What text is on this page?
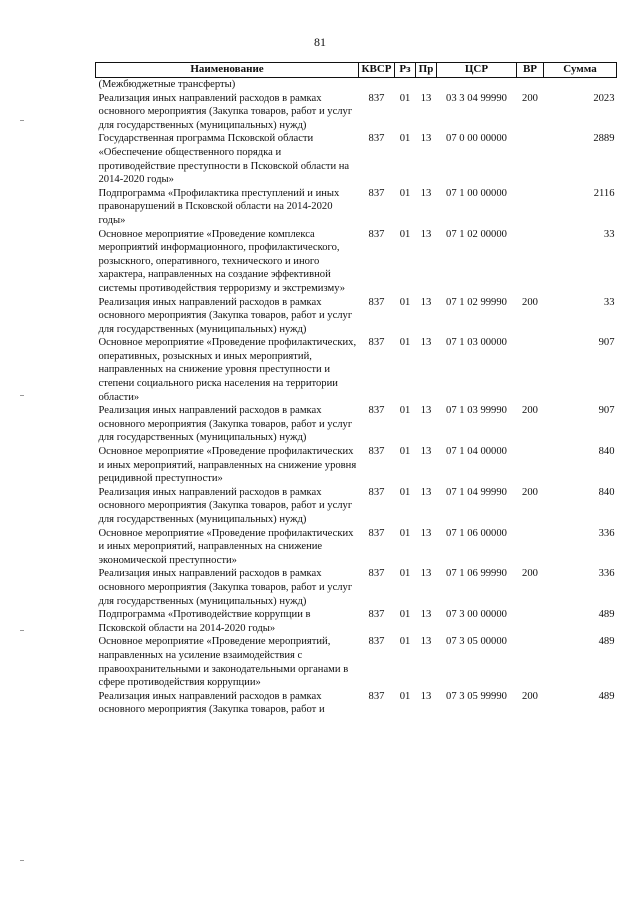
81
Наименование	КВСР	Рз	Пр	ЦСР	ВР	Сумма
(Межбюджетные трансферты)						
Реализация иных направлений расходов в рамках основного мероприятия (Закупка товаров, работ и услуг для государственных (муниципальных) нужд)	837	01	13	03 3 04 99990	200	2023
Государственная программа Псковской области «Обеспечение общественного порядка и противодействие преступности в Псковской области на 2014-2020 годы»	837	01	13	07 0 00 00000		2889
Подпрограмма «Профилактика преступлений и иных правонарушений в Псковской области на 2014-2020 годы»	837	01	13	07 1 00 00000		2116
Основное мероприятие «Проведение комплекса мероприятий информационного, профилактического, розыскного, оперативного, технического и иного характера, направленных на создание эффективной системы противодействия терроризму и экстремизму»	837	01	13	07 1 02 00000		33
Реализация иных направлений расходов в рамках основного мероприятия (Закупка товаров, работ и услуг для государственных (муниципальных) нужд)	837	01	13	07 1 02 99990	200	33
Основное мероприятие «Проведение профилактических, оперативных, розыскных и иных мероприятий, направленных на снижение уровня преступности и степени социального риска населения на территории области»	837	01	13	07 1 03 00000		907
Реализация иных направлений расходов в рамках основного мероприятия (Закупка товаров, работ и услуг для государственных (муниципальных) нужд)	837	01	13	07 1 03 99990	200	907
Основное мероприятие «Проведение профилактических и иных мероприятий, направленных на снижение уровня рецидивной преступности»	837	01	13	07 1 04 00000		840
Реализация иных направлений расходов в рамках основного мероприятия (Закупка товаров, работ и услуг для государственных (муниципальных) нужд)	837	01	13	07 1 04 99990	200	840
Основное мероприятие «Проведение профилактических и иных мероприятий, направленных на снижение экономической преступности»	837	01	13	07 1 06 00000		336
Реализация иных направлений расходов в рамках основного мероприятия (Закупка товаров, работ и услуг для государственных (муниципальных) нужд)	837	01	13	07 1 06 99990	200	336
Подпрограмма «Противодействие коррупции в Псковской области на 2014-2020 годы»	837	01	13	07 3 00 00000		489
Основное мероприятие «Проведение мероприятий, направленных на усиление взаимодействия с правоохранительными и законодательными органами в сфере противодействия коррупции»	837	01	13	07 3 05 00000		489
Реализация иных направлений расходов в рамках основного мероприятия (Закупка товаров, работ и	837	01	13	07 3 05 99990	200	489
